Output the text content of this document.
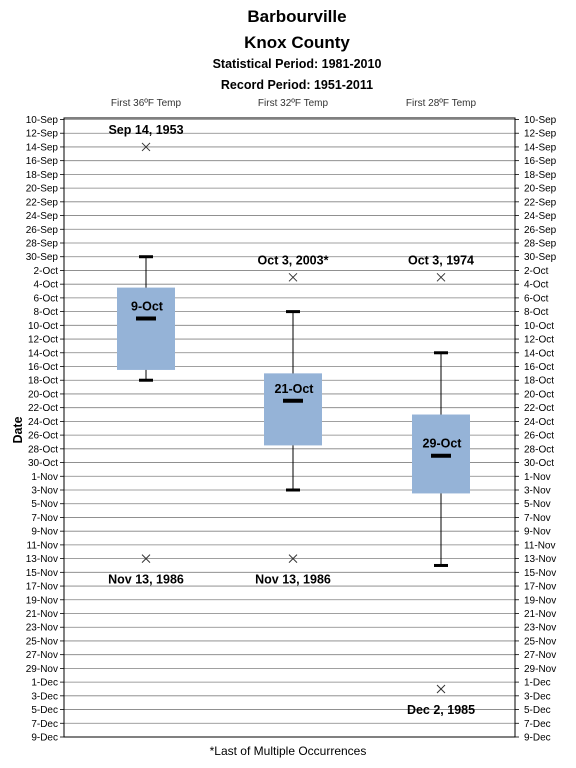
Barbourville
Knox County
Statistical Period: 1981-2010
Record Period: 1951-2011
10-Sep
12-Sep
14-Sep
16-Sep
18-Sep
20-Sep
22-Sep
24-Sep
26-Sep
28-Sep
30-Sep
2-Oct
4-Oct
6-Oct
8-Oct
10-Oct
12-Oct
14-Oct
16-Oct
18-Oct
20-Oct
22-Oct
24-Oct
26-Oct
28-Oct
30-Oct
1-Nov
3-Nov
5-Nov
7-Nov
9-Nov
11-Nov
13-Nov
15-Nov
17-Nov
19-Nov
21-Nov
23-Nov
25-Nov
27-Nov
29-Nov
1-Dec
3-Dec
5-Dec
7-Dec
9-Dec
10-Sep
12-Sep
14-Sep
16-Sep
18-Sep
20-Sep
22-Sep
24-Sep
26-Sep
28-Sep
30-Sep
2-Oct
4-Oct
6-Oct
8-Oct
10-Oct
12-Oct
14-Oct
16-Oct
18-Oct
20-Oct
22-Oct
24-Oct
26-Oct
28-Oct
30-Oct
1-Nov
3-Nov
5-Nov
7-Nov
9-Nov
11-Nov
13-Nov
15-Nov
17-Nov
19-Nov
21-Nov
23-Nov
25-Nov
27-Nov
29-Nov
1-Dec
3-Dec
5-Dec
7-Dec
9-Dec
Date
First 36ºF Temp	First 32ºF Temp	First 28ºF Temp
9-Oct
Sep 14, 1953
Nov 13, 1986
21-Oct
Oct 3, 2003*
Nov 13, 1986
29-Oct
Oct 3, 1974
Dec 2, 1985
*Last of Multiple Occurrences
